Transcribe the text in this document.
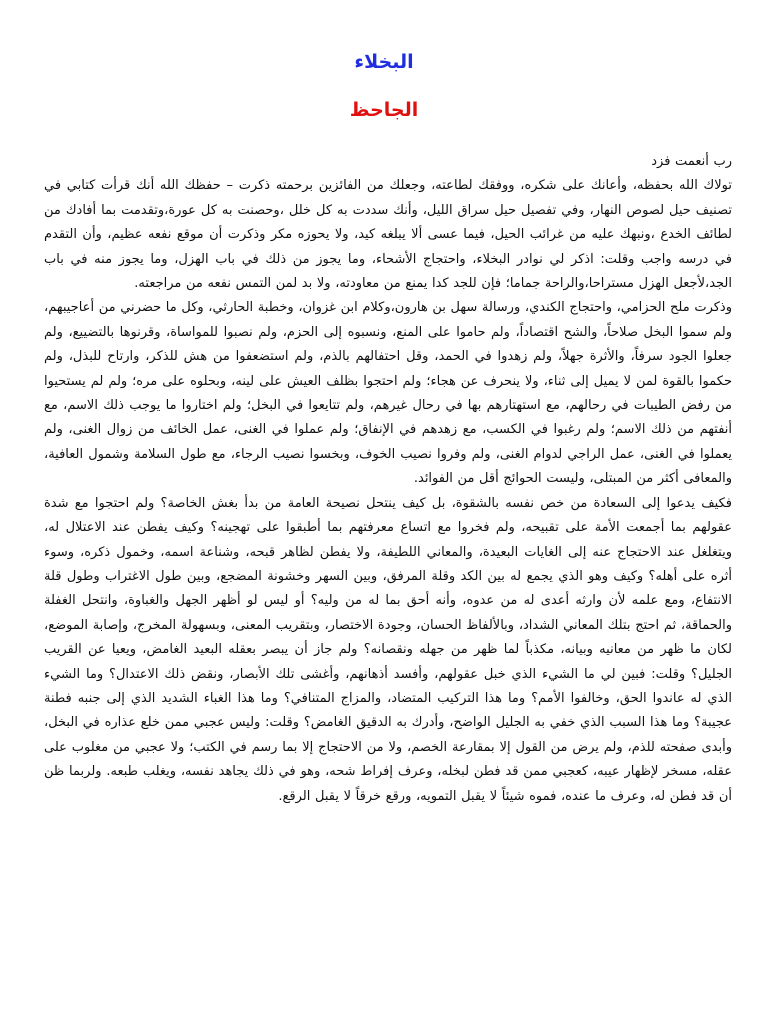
البخلاء
الجاحظ

رب أنعمت فزد

تولاك الله بحفظه، وأعانك على شكره، ووفقك لطاعته، وجعلك من الفائزين برحمته ذكرت – حفظك الله أنك قرأت كتابي في تصنيف حيل لصوص النهار، وفي تفصيل حيل سراق الليل، وأنك سددت به كل خلل ،وحصنت به كل عورة،وتقدمت بما أفادك من لطائف الخدع ،ونبهك عليه من غرائب الحيل، فيما عسى ألا يبلغه كيد، ولا يحوزه مكر وذكرت أن موقع نفعه عظيم، وأن التقدم في درسه واجب وقلت: اذكر لي نوادر البخلاء، واحتجاج الأشحاء، وما يجوز من ذلك في باب الهزل، وما يجوز منه في باب الجد،لأجعل الهزل مستراحا،والراحة جماما؛ فإن للجد كدا يمنع من معاودته، ولا بد لمن التمس نفعه من مراجعته.

وذكرت ملح الحزامي، واحتجاج الكندي، ورسالة سهل بن هارون،وكلام ابن غزوان، وخطبة الحارثي، وكل ما حضرني من أعاجيبهم، ولم سموا البخل صلاحاً، والشح اقتصاداً، ولم حاموا على المنع، ونسبوه إلى الحزم، ولم نصبوا للمواساة، وقرنوها بالتضييع، ولم جعلوا الجود سرفاً، والأثرة جهلاً، ولم زهدوا في الحمد، وقل احتفالهم بالذم، ولم استضعفوا من هش للذكر، وارتاح للبذل، ولم حكموا بالقوة لمن لا يميل إلى ثناء، ولا ينحرف عن هجاء؛ ولم احتجوا بظلف العيش على لينه، وبحلوه على مره؛ ولم لم يستحيوا من رفض الطيبات في رحالهم، مع استهتارهم بها في رحال غيرهم، ولم تتايعوا في البخل؛ ولم اختاروا ما يوجب ذلك الاسم، مع أنفتهم من ذلك الاسم؛ ولم رغبوا في الكسب، مع زهدهم في الإنفاق؛ ولم عملوا في الغنى، عمل الخائف من زوال الغنى، ولم يعملوا في الغنى، عمل الراجي لدوام الغنى، ولم وفروا نصيب الخوف، وبخسوا نصيب الرجاء، مع طول السلامة وشمول العافية، والمعافى أكثر من المبتلى، وليست الحوائج أقل من الفوائد.

فكيف يدعوا إلى السعادة من خص نفسه بالشقوة، بل كيف ينتحل نصيحة العامة من بدأ بغش الخاصة؟ ولم احتجوا مع شدة عقولهم بما أجمعت الأمة على تقبيحه، ولم فخروا مع اتساع معرفتهم بما أطبقوا على تهجينه؟ وكيف يفطن عند الاعتلال له، ويتغلغل عند الاحتجاج عنه إلى الغايات البعيدة، والمعاني اللطيفة، ولا يفطن لظاهر قبحه، وشناعة اسمه، وخمول ذكره، وسوء أثره على أهله؟ وكيف وهو الذي يجمع له بين الكد وقلة المرفق، وبين السهر وخشونة المضجع، وبين طول الاغتراب وطول قلة الانتفاع، ومع علمه لأن وارثه أعدى له من عدوه، وأنه أحق بما له من وليه؟ أو ليس لو أظهر الجهل والغباوة، وانتحل الغفلة والحماقة، ثم احتج بتلك المعاني الشداد، وبالألفاظ الحسان، وجودة الاختصار، وبتقريب المعنى، وبسهولة المخرج، وإصابة الموضع، لكان ما ظهر من معانيه وبيانه، مكذباً لما ظهر من جهله ونقصانه؟ ولم جاز أن يبصر بعقله البعيد الغامض، ويعيا عن القريب الجليل؟ وقلت: فبين لي ما الشيء الذي خبل عقولهم، وأفسد أذهانهم، وأغشى تلك الأبصار، ونقض ذلك الاعتدال؟ وما الشيء الذي له عاندوا الحق، وخالفوا الأمم؟ وما هذا التركيب المتضاد، والمزاج المتنافي؟ وما هذا الغباء الشديد الذي إلى جنبه فطنة عجيبة؟ وما هذا السبب الذي خفي به الجليل الواضح، وأدرك به الدقيق الغامض؟ وقلت: وليس عجبي ممن خلع عذاره في البخل، وأبدى صفحته للذم، ولم يرض من القول إلا بمقارعة الخصم، ولا من الاحتجاج إلا بما رسم في الكتب؛ ولا عجبي من مغلوب على عقله، مسخر لإظهار عيبه، كعجبي ممن قد فطن لبخله، وعرف إفراط شحه، وهو في ذلك يجاهد نفسه، ويغلب طبعه. ولربما ظن أن قد فطن له، وعرف ما عنده، فموه شيئاً لا يقبل التمويه، ورقع خرقاً لا يقبل الرقع.
